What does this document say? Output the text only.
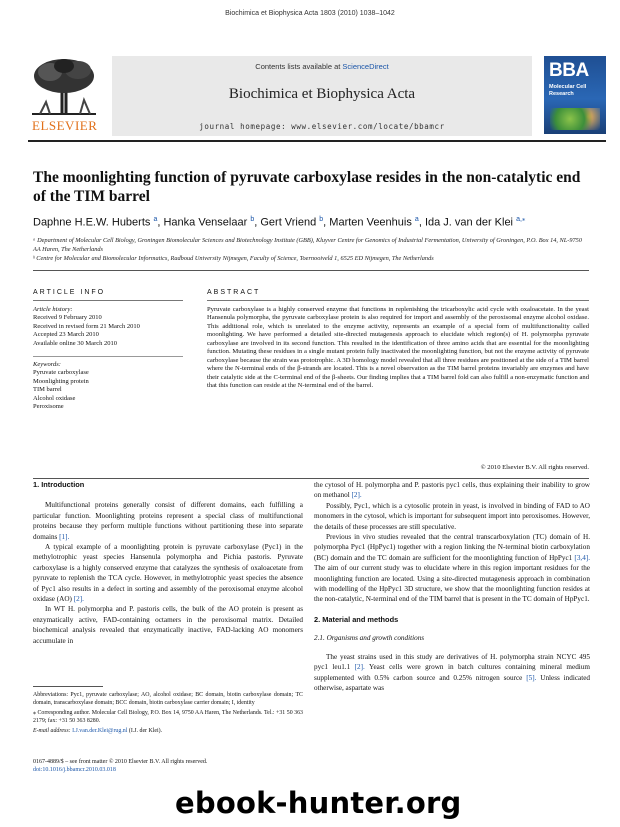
Biochimica et Biophysica Acta 1803 (2010) 1038–1042
ELSEVIER
Contents lists available at ScienceDirect
Biochimica et Biophysica Acta
journal homepage: www.elsevier.com/locate/bbamcr
BBA
Molecular Cell Research
The moonlighting function of pyruvate carboxylase resides in the non-catalytic end of the TIM barrel
Daphne H.E.W. Huberts $^a$, Hanka Venselaar $^b$, Gert Vriend $^b$, Marten Veenhuis $^a$, Ida J. van der Klei $^{a,⁎}$
ᵃ Department of Molecular Cell Biology, Groningen Biomolecular Sciences and Biotechnology Institute (GBB), Kluyver Centre for Genomics of Industrial Fermentation, University of Groningen, P.O. Box 14, NL-9750 AA Haren, The Netherlands
ᵇ Centre for Molecular and Biomolecular Informatics, Radboud University Nijmegen, Faculty of Science, Toernooiveld 1, 6525 ED Nijmegen, The Netherlands
ARTICLE INFO	ABSTRACT
Article history:
Received 9 February 2010
Received in revised form 21 March 2010
Accepted 23 March 2010
Available online 30 March 2010
Keywords:
Pyruvate carboxylase
Moonlighting protein
TIM barrel
Alcohol oxidase
Peroxisome
Pyruvate carboxylase is a highly conserved enzyme that functions in replenishing the tricarboxylic acid cycle with oxaloacetate. In the yeast Hansenula polymorpha, the pyruvate carboxylase protein is also required for import and assembly of the peroxisomal enzyme alcohol oxidase. This additional role, which is unrelated to the enzyme activity, represents an example of a special form of multifunctionality called moonlighting. We have performed a detailed site-directed mutagenesis approach to elucidate which region(s) of H. polymorpha pyruvate carboxylase are involved in its second function. This resulted in the identification of three amino acids that are essential for the moonlighting function. Mutating these residues in a single mutant protein fully inactivated the moonlighting function, but not the enzyme activity of pyruvate carboxylase because the strain was prototrophic. A 3D homology model revealed that all three residues are positioned at the side of a TIM barrel where the N-terminal ends of the β-strands are located. This is a novel observation as the TIM barrel proteins invariably are enzymes and have their catalytic side at the C-terminal end of the β-sheets. Our finding implies that a TIM barrel fold can also fulfill a non-enzymatic function and that this function can reside at the N-terminal end of the barrel.
© 2010 Elsevier B.V. All rights reserved.
1. Introduction

Multifunctional proteins generally consist of different domains, each fulfilling a particular function. Moonlighting proteins represent a special class of multifunctional proteins because they perform multiple functions without partitioning these into separate domains [1].

A typical example of a moonlighting protein is pyruvate carboxylase (Pyc1) in the methylotrophic yeast species Hansenula polymorpha and Pichia pastoris. Pyruvate carboxylase is a highly conserved enzyme that catalyzes the synthesis of oxaloacetate from pyruvate to replenish the TCA cycle. However, in methylotrophic yeast species the absence of Pyc1 also results in a defect in sorting and assembly of the peroxisomal enzyme alcohol oxidase (AO) [2].

In WT H. polymorpha and P. pastoris cells, the bulk of the AO protein is present as enzymatically active, FAD-containing octamers in the peroxisomal matrix. Detailed biochemical analysis revealed that enzymatically inactive, FAD-lacking AO monomers accumulate in

the cytosol of H. polymorpha and P. pastoris pyc1 cells, thus explaining their inability to grow on methanol [2].

Possibly, Pyc1, which is a cytosolic protein in yeast, is involved in binding of FAD to AO monomers in the cytosol, which is important for subsequent import into peroxisomes. However, the details of these processes are still speculative.

Previous in vivo studies revealed that the central transcarboxylation (TC) domain of H. polymorpha Pyc1 (HpPyc1) together with a region linking the N-terminal biotin carboxylation (BC) domain and the TC domain are sufficient for the moonlighting function of HpPyc1 [3,4]. The aim of our current study was to elucidate where in this region important residues for the moonlighting function are located. Using a site-directed mutagenesis approach in combination with modelling of the HpPyc1 3D structure, we show that the moonlighting function resides at the non-catalytic, N-terminal end of the TIM barrel that is present in the TC domain of HpPyc1.

2. Material and methods

2.1. Organisms and growth conditions

The yeast strains used in this study are derivatives of H. polymorpha strain NCYC 495 pyc1 leu1.1 [2]. Yeast cells were grown in batch cultures containing mineral medium supplemented with 0.5% carbon source and 0.25% nitrogen source [5]. Unless indicated otherwise, aspartate was

Abbreviations: Pyc1, pyruvate carboxylase; AO, alcohol oxidase; BC domain, biotin carboxylase domain; TC domain, transcarboxylase domain; BCC domain, biotin carboxylase carrier domain; I, identity
⁎ Corresponding author. Molecular Cell Biology, P.O. Box 14, 9750 AA Haren, The Netherlands. Tel.: +31 50 363 2179; fax: +31 50 363 8280.
E-mail address: I.J.van.der.Klei@rug.nl (I.J. der Klei).
0167-4889/$ – see front matter © 2010 Elsevier B.V. All rights reserved.
doi:10.1016/j.bbamcr.2010.03.018
ebook-hunter.org
